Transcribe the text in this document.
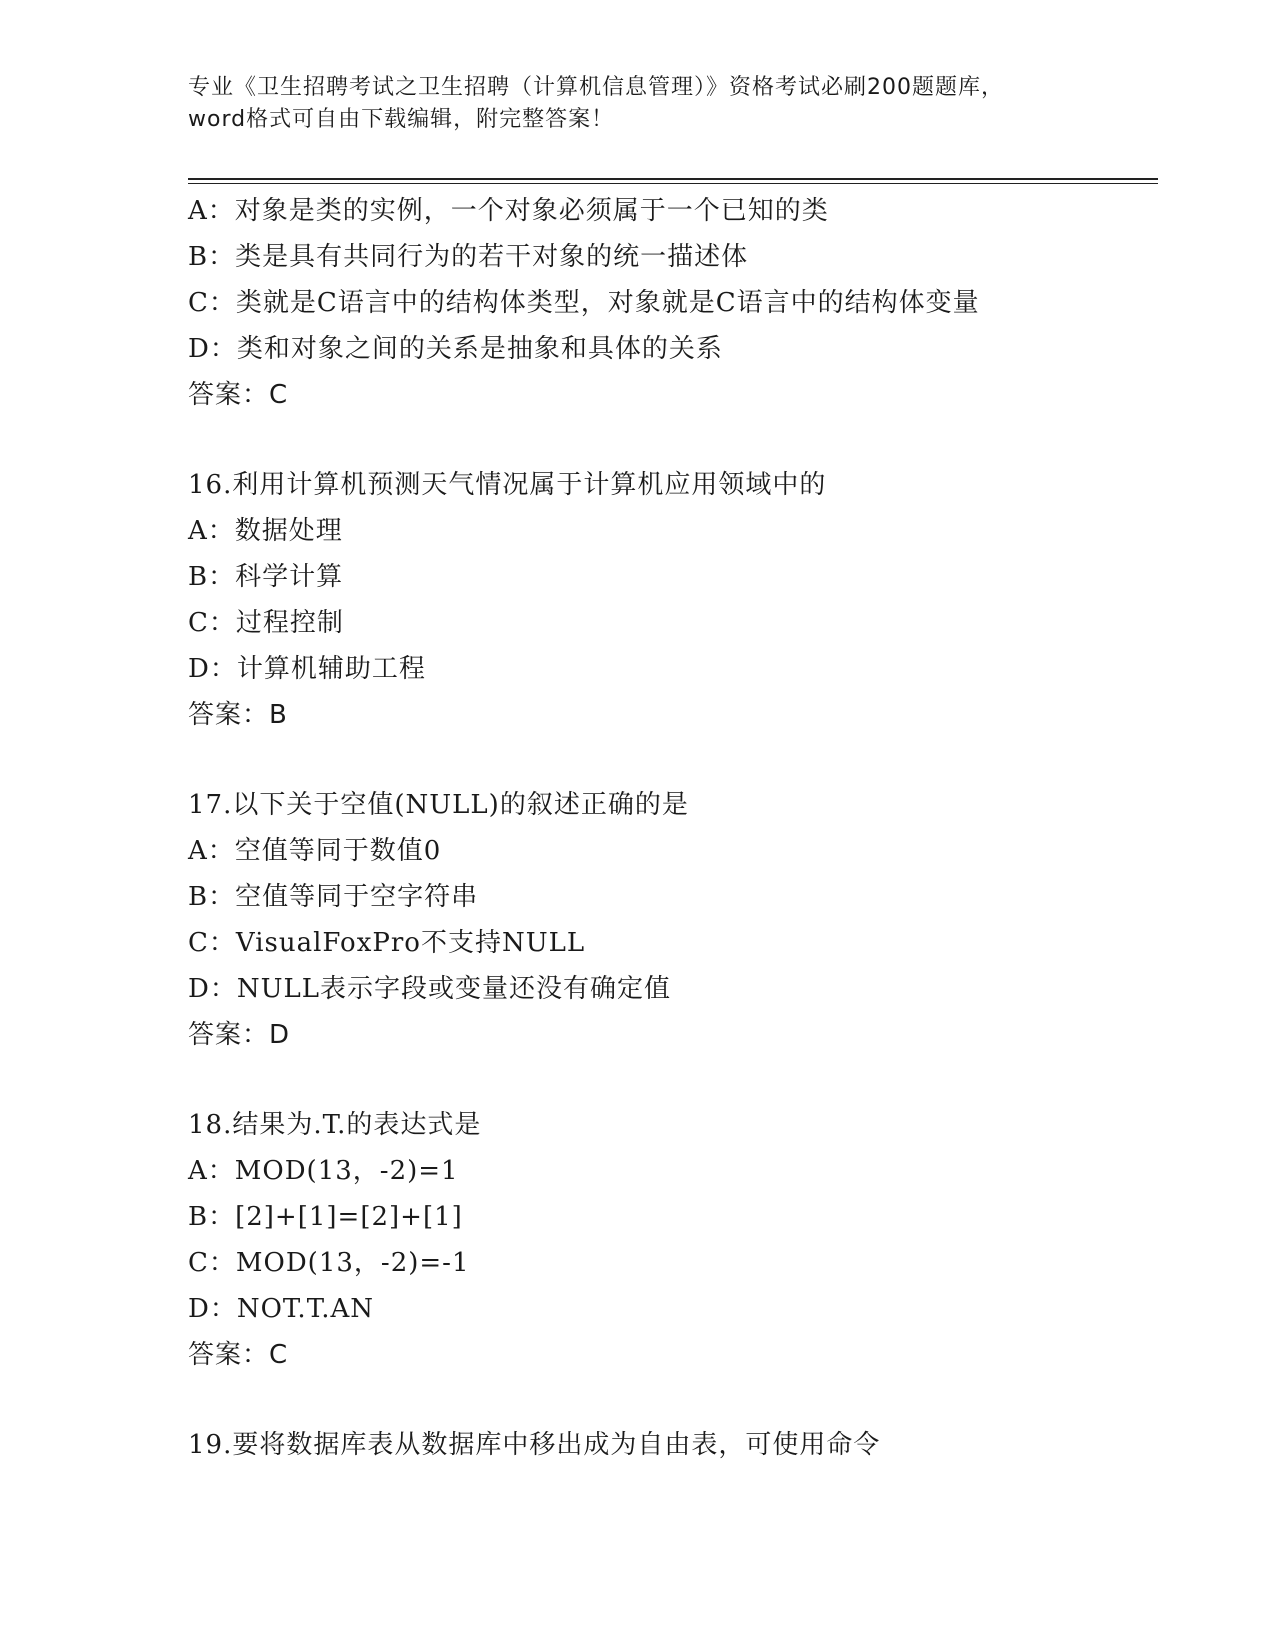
专业《卫生招聘考试之卫生招聘（计算机信息管理）》资格考试必刷200题题库，
word格式可自由下载编辑，附完整答案！
A：对象是类的实例，一个对象必须属于一个已知的类
B：类是具有共同行为的若干对象的统一描述体
C：类就是C语言中的结构体类型，对象就是C语言中的结构体变量
D：类和对象之间的关系是抽象和具体的关系
答案：C
16.利用计算机预测天气情况属于计算机应用领域中的
A：数据处理
B：科学计算
C：过程控制
D：计算机辅助工程
答案：B
17.以下关于空值(NULL)的叙述正确的是
A：空值等同于数值0
B：空值等同于空字符串
C：VisualFoxPro不支持NULL
D：NULL表示字段或变量还没有确定值
答案：D
18.结果为.T.的表达式是
A：MOD(13，-2)=1
B：[2]+[1]=[2]+[1]
C：MOD(13，-2)=-1
D：NOT.T.AN
答案：C
19.要将数据库表从数据库中移出成为自由表，可使用命令
